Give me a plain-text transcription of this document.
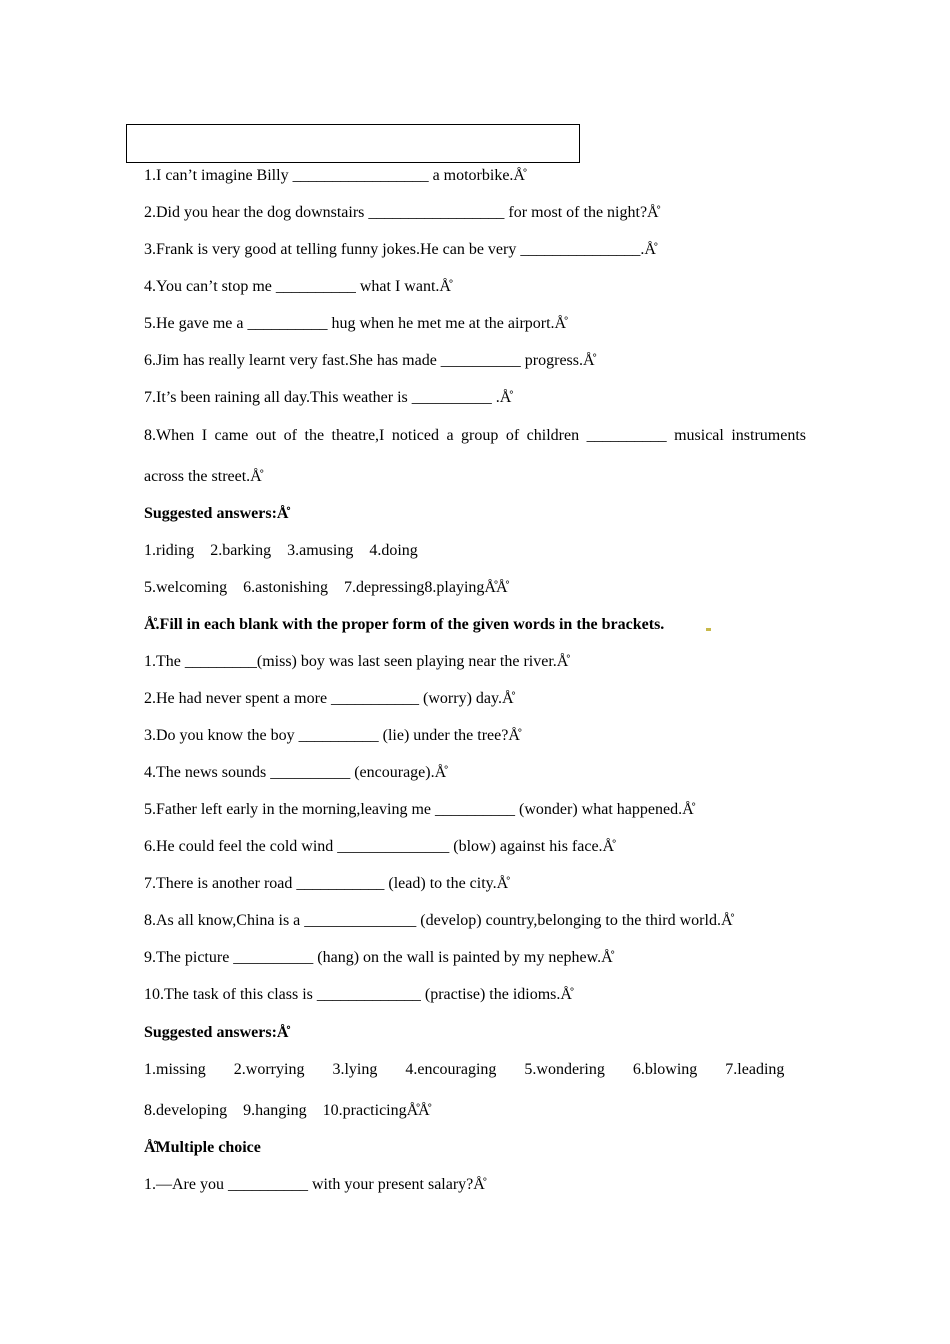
1.I can’t imagine Billy _________________ a motorbike.Å̊
2.Did you hear the dog downstairs _________________ for most of the night?Å̊
3.Frank is very good at telling funny jokes.He can be very _______________.Å̊
4.You can’t stop me __________ what I want.Å̊
5.He gave me a __________ hug when he met me at the airport.Å̊
6.Jim has really learnt very fast.She has made __________ progress.Å̊
7.It’s been raining all day.This weather is __________ .Å̊
8.When I came out of the theatre,I noticed a group of children __________ musical instruments
across the street.Å̊
Suggested answers:Å̊
1.riding    2.barking    3.amusing    4.doing
5.welcoming    6.astonishing    7.depressing8.playingÅ̊Å̊
Å̊.Fill in each blank with the proper form of the given words in the brackets.
1.The _________(miss) boy was last seen playing near the river.Å̊
2.He had never spent a more ___________ (worry) day.Å̊
3.Do you know the boy __________ (lie) under the tree?Å̊
4.The news sounds __________ (encourage).Å̊
5.Father left early in the morning,leaving me __________ (wonder) what happened.Å̊
6.He could feel the cold wind ______________ (blow) against his face.Å̊
7.There is another road ___________ (lead) to the city.Å̊
8.As all know,China is a ______________ (develop) country,belonging to the third world.Å̊
9.The picture __________ (hang) on the wall is painted by my nephew.Å̊
10.The task of this class is _____________ (practise) the idioms.Å̊
Suggested answers:Å̊
1.missing       2.worrying       3.lying       4.encouraging       5.wondering       6.blowing       7.leading
8.developing    9.hanging    10.practicingÅ̊Å̊
Å̊Multiple choice
1.—Are you __________ with your present salary?Å̊
